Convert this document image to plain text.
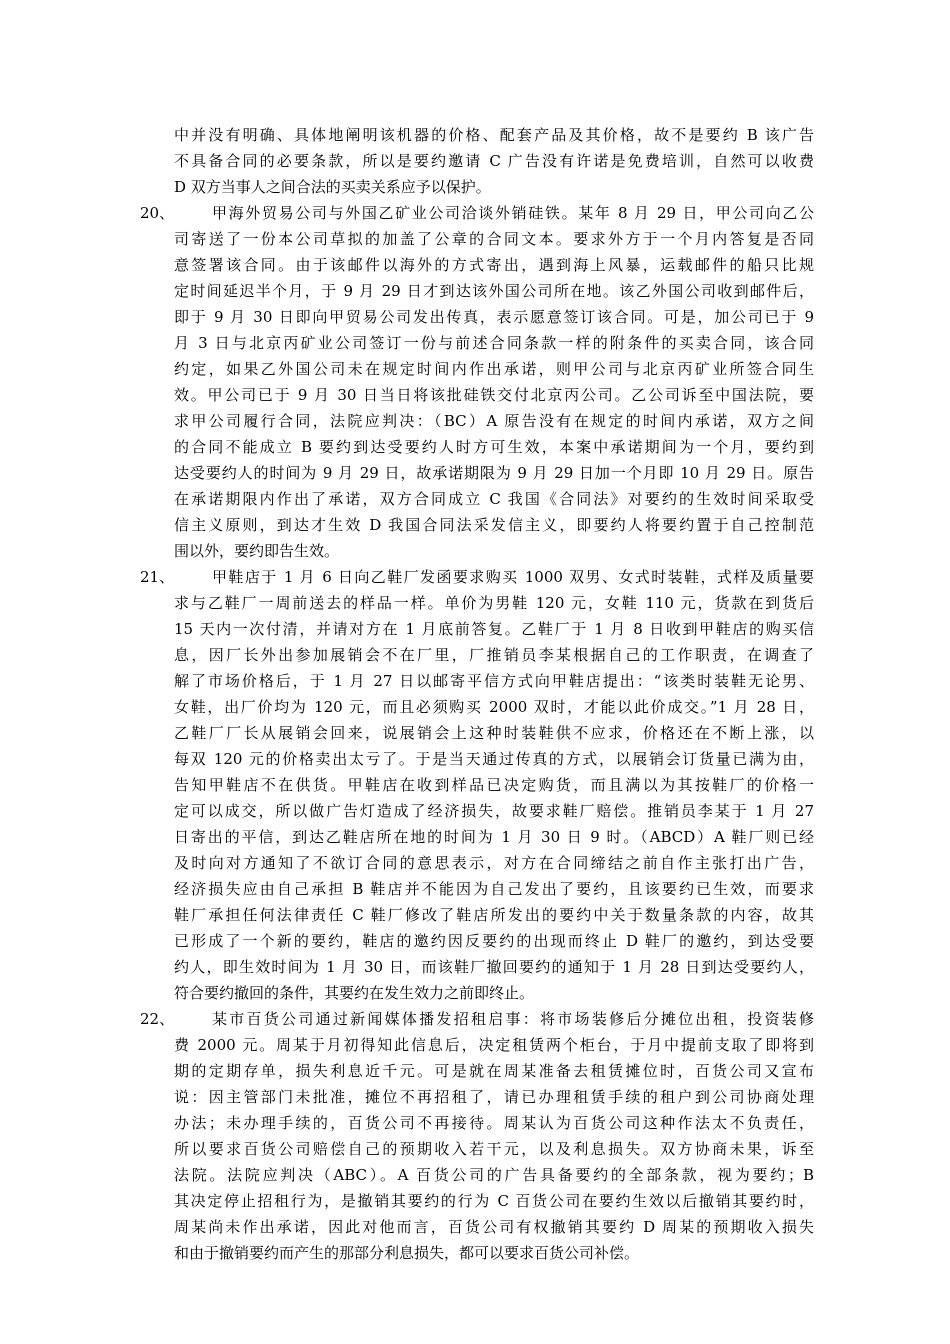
中并没有明确、具体地阐明该机器的价格、配套产品及其价格，故不是要约 B 该广告
不具备合同的必要条款，所以是要约邀请 C 广告没有许诺是免费培训，自然可以收费
D 双方当事人之间合法的买卖关系应予以保护。
20、	甲海外贸易公司与外国乙矿业公司洽谈外销硅铁。某年 8 月 29 日，甲公司向乙公
司寄送了一份本公司草拟的加盖了公章的合同文本。要求外方于一个月内答复是否同
意签署该合同。由于该邮件以海外的方式寄出，遇到海上风暴，运载邮件的船只比规
定时间延迟半个月，于 9 月 29 日才到达该外国公司所在地。该乙外国公司收到邮件后，
即于 9 月 30 日即向甲贸易公司发出传真，表示愿意签订该合同。可是，加公司已于 9
月 3 日与北京丙矿业公司签订一份与前述合同条款一样的附条件的买卖合同，该合同
约定，如果乙外国公司未在规定时间内作出承诺，则甲公司与北京丙矿业所签合同生
效。甲公司已于 9 月 30 日当日将该批硅铁交付北京丙公司。乙公司诉至中国法院，要
求甲公司履行合同，法院应判决：（BC）A 原告没有在规定的时间内承诺，双方之间
的合同不能成立 B 要约到达受要约人时方可生效，本案中承诺期间为一个月，要约到
达受要约人的时间为 9 月 29 日，故承诺期限为 9 月 29 日加一个月即 10 月 29 日。原告
在承诺期限内作出了承诺，双方合同成立 C 我国《合同法》对要约的生效时间采取受
信主义原则，到达才生效 D 我国合同法采发信主义，即要约人将要约置于自己控制范
围以外，要约即告生效。
21、	甲鞋店于 1 月 6 日向乙鞋厂发函要求购买 1000 双男、女式时装鞋，式样及质量要
求与乙鞋厂一周前送去的样品一样。单价为男鞋 120 元，女鞋 110 元，货款在到货后
15 天内一次付清，并请对方在 1 月底前答复。乙鞋厂于 1 月 8 日收到甲鞋店的购买信
息，因厂长外出参加展销会不在厂里，厂推销员李某根据自己的工作职责，在调查了
解了市场价格后，于 1 月 27 日以邮寄平信方式向甲鞋店提出：“该类时装鞋无论男、
女鞋，出厂价均为 120 元，而且必须购买 2000 双时，才能以此价成交。”1 月 28 日，
乙鞋厂厂长从展销会回来，说展销会上这种时装鞋供不应求，价格还在不断上涨，以
每双 120 元的价格卖出太亏了。于是当天通过传真的方式，以展销会订货量已满为由，
告知甲鞋店不在供货。甲鞋店在收到样品已决定购货，而且满以为其按鞋厂的价格一
定可以成交，所以做广告灯造成了经济损失，故要求鞋厂赔偿。推销员李某于 1 月 27
日寄出的平信，到达乙鞋店所在地的时间为 1 月 30 日 9 时。（ABCD）A 鞋厂则已经
及时向对方通知了不欲订合同的意思表示，对方在合同缔结之前自作主张打出广告，
经济损失应由自己承担 B 鞋店并不能因为自己发出了要约，且该要约已生效，而要求
鞋厂承担任何法律责任 C 鞋厂修改了鞋店所发出的要约中关于数量条款的内容，故其
已形成了一个新的要约，鞋店的邀约因反要约的出现而终止 D 鞋厂的邀约，到达受要
约人，即生效时间为 1 月 30 日，而该鞋厂撤回要约的通知于 1 月 28 日到达受要约人，
符合要约撤回的条件，其要约在发生效力之前即终止。
22、	某市百货公司通过新闻媒体播发招租启事：将市场装修后分摊位出租，投资装修
费 2000 元。周某于月初得知此信息后，决定租赁两个柜台，于月中提前支取了即将到
期的定期存单，损失利息近千元。可是就在周某准备去租赁摊位时，百货公司又宣布
说：因主管部门未批准，摊位不再招租了，请已办理租赁手续的租户到公司协商处理
办法；未办理手续的，百货公司不再接待。周某认为百货公司这种作法太不负责任，
所以要求百货公司赔偿自己的预期收入若干元，以及利息损失。双方协商未果，诉至
法院。法院应判决（ABC）。A 百货公司的广告具备要约的全部条款，视为要约；B
其决定停止招租行为，是撤销其要约的行为 C 百货公司在要约生效以后撤销其要约时，
周某尚未作出承诺，因此对他而言，百货公司有权撤销其要约 D 周某的预期收入损失
和由于撤销要约而产生的那部分利息损失，都可以要求百货公司补偿。
